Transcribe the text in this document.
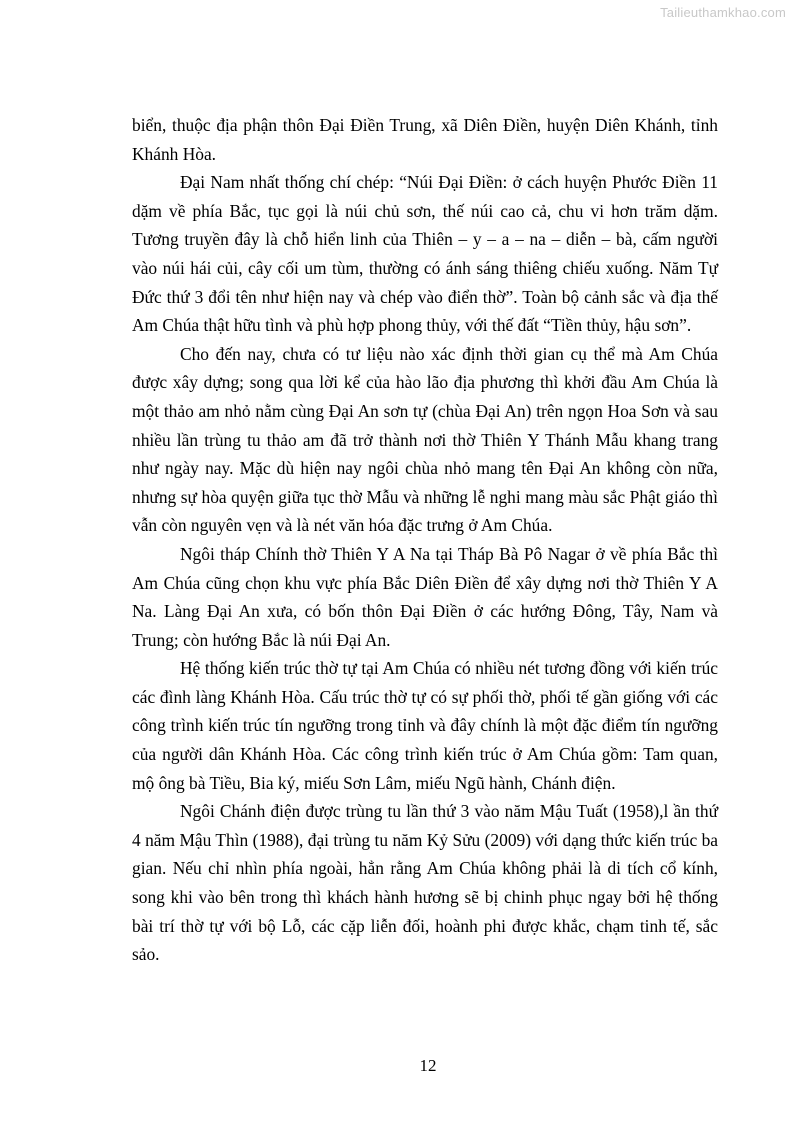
Tailieuthamkhao.com

biển, thuộc địa phận thôn Đại Điền Trung, xã Diên Điền, huyện Diên Khánh, tỉnh Khánh Hòa.

Đại Nam nhất thống chí chép: “Núi Đại Điền: ở cách huyện Phước Điền 11 dặm về phía Bắc, tục gọi là núi chủ sơn, thế núi cao cả, chu vi hơn trăm dặm. Tương truyền đây là chỗ hiển linh của Thiên – y – a – na – diễn – bà, cấm người vào núi hái củi, cây cối um tùm, thường có ánh sáng thiêng chiếu xuống. Năm Tự Đức thứ 3 đổi tên như hiện nay và chép vào điển thờ”. Toàn bộ cảnh sắc và địa thế Am Chúa thật hữu tình và phù hợp phong thủy, với thế đất “Tiền thủy, hậu sơn”.

Cho đến nay, chưa có tư liệu nào xác định thời gian cụ thể mà Am Chúa được xây dựng; song qua lời kể của hào lão địa phương thì khởi đầu Am Chúa là một thảo am nhỏ nằm cùng Đại An sơn tự (chùa Đại An) trên ngọn Hoa Sơn và sau nhiều lần trùng tu thảo am đã trở thành nơi thờ Thiên Y Thánh Mẫu khang trang như ngày nay. Mặc dù hiện nay ngôi chùa nhỏ mang tên Đại An không còn nữa, nhưng sự hòa quyện giữa tục thờ Mẫu và những lễ nghi mang màu sắc Phật giáo thì vẫn còn nguyên vẹn và là nét văn hóa đặc trưng ở Am Chúa.

Ngôi tháp Chính thờ Thiên Y A Na tại Tháp Bà Pô Nagar ở về phía Bắc thì Am Chúa cũng chọn khu vực phía Bắc Diên Điền để xây dựng nơi thờ Thiên Y A Na. Làng Đại An xưa, có bốn thôn Đại Điền ở các hướng Đông, Tây, Nam và Trung; còn hướng Bắc là núi Đại An.

Hệ thống kiến trúc thờ tự tại Am Chúa có nhiều nét tương đồng với kiến trúc các đình làng Khánh Hòa. Cấu trúc thờ tự có sự phối thờ, phối tế gần giống với các công trình kiến trúc tín ngưỡng trong tỉnh và đây chính là một đặc điểm tín ngưỡng của người dân Khánh Hòa. Các công trình kiến trúc ở Am Chúa gồm: Tam quan, mộ ông bà Tiều, Bia ký, miếu Sơn Lâm, miếu Ngũ hành, Chánh điện.

Ngôi Chánh điện được trùng tu lần thứ 3 vào năm Mậu Tuất (1958),l ần thứ 4 năm Mậu Thìn (1988), đại trùng tu năm Kỷ Sửu (2009) với dạng thức kiến trúc ba gian. Nếu chỉ nhìn phía ngoài, hẳn rằng Am Chúa không phải là di tích cổ kính, song khi vào bên trong thì khách hành hương sẽ bị chinh phục ngay bởi hệ thống bài trí thờ tự với bộ Lỗ, các cặp liễn đối, hoành phi được khắc, chạm tinh tế, sắc sảo.

12
